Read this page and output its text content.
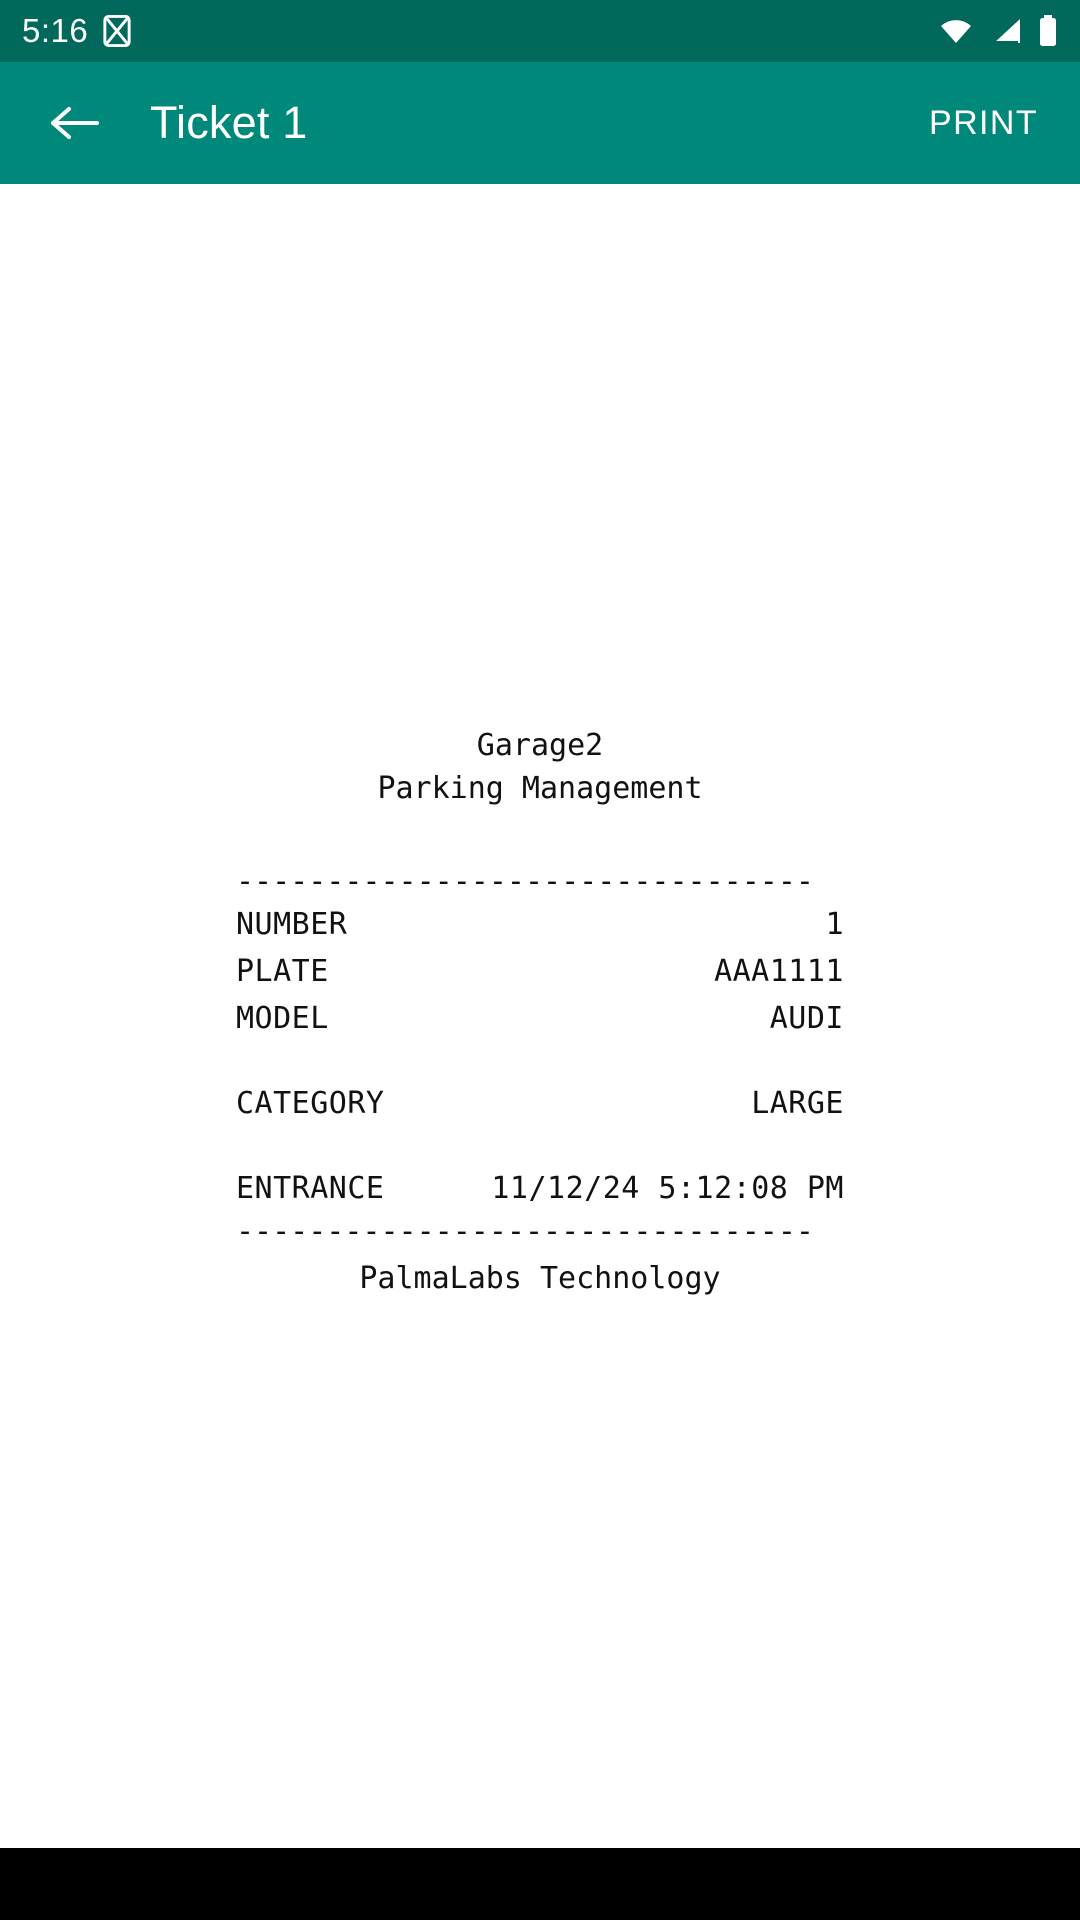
5:16
Ticket 1	PRINT
Garage2
Parking Management
--------------------------------
NUMBER	1
PLATE	AAA1111
MODEL	AUDI
CATEGORY	LARGE
ENTRANCE	11/12/24 5:12:08 PM
--------------------------------
PalmaLabs Technology
